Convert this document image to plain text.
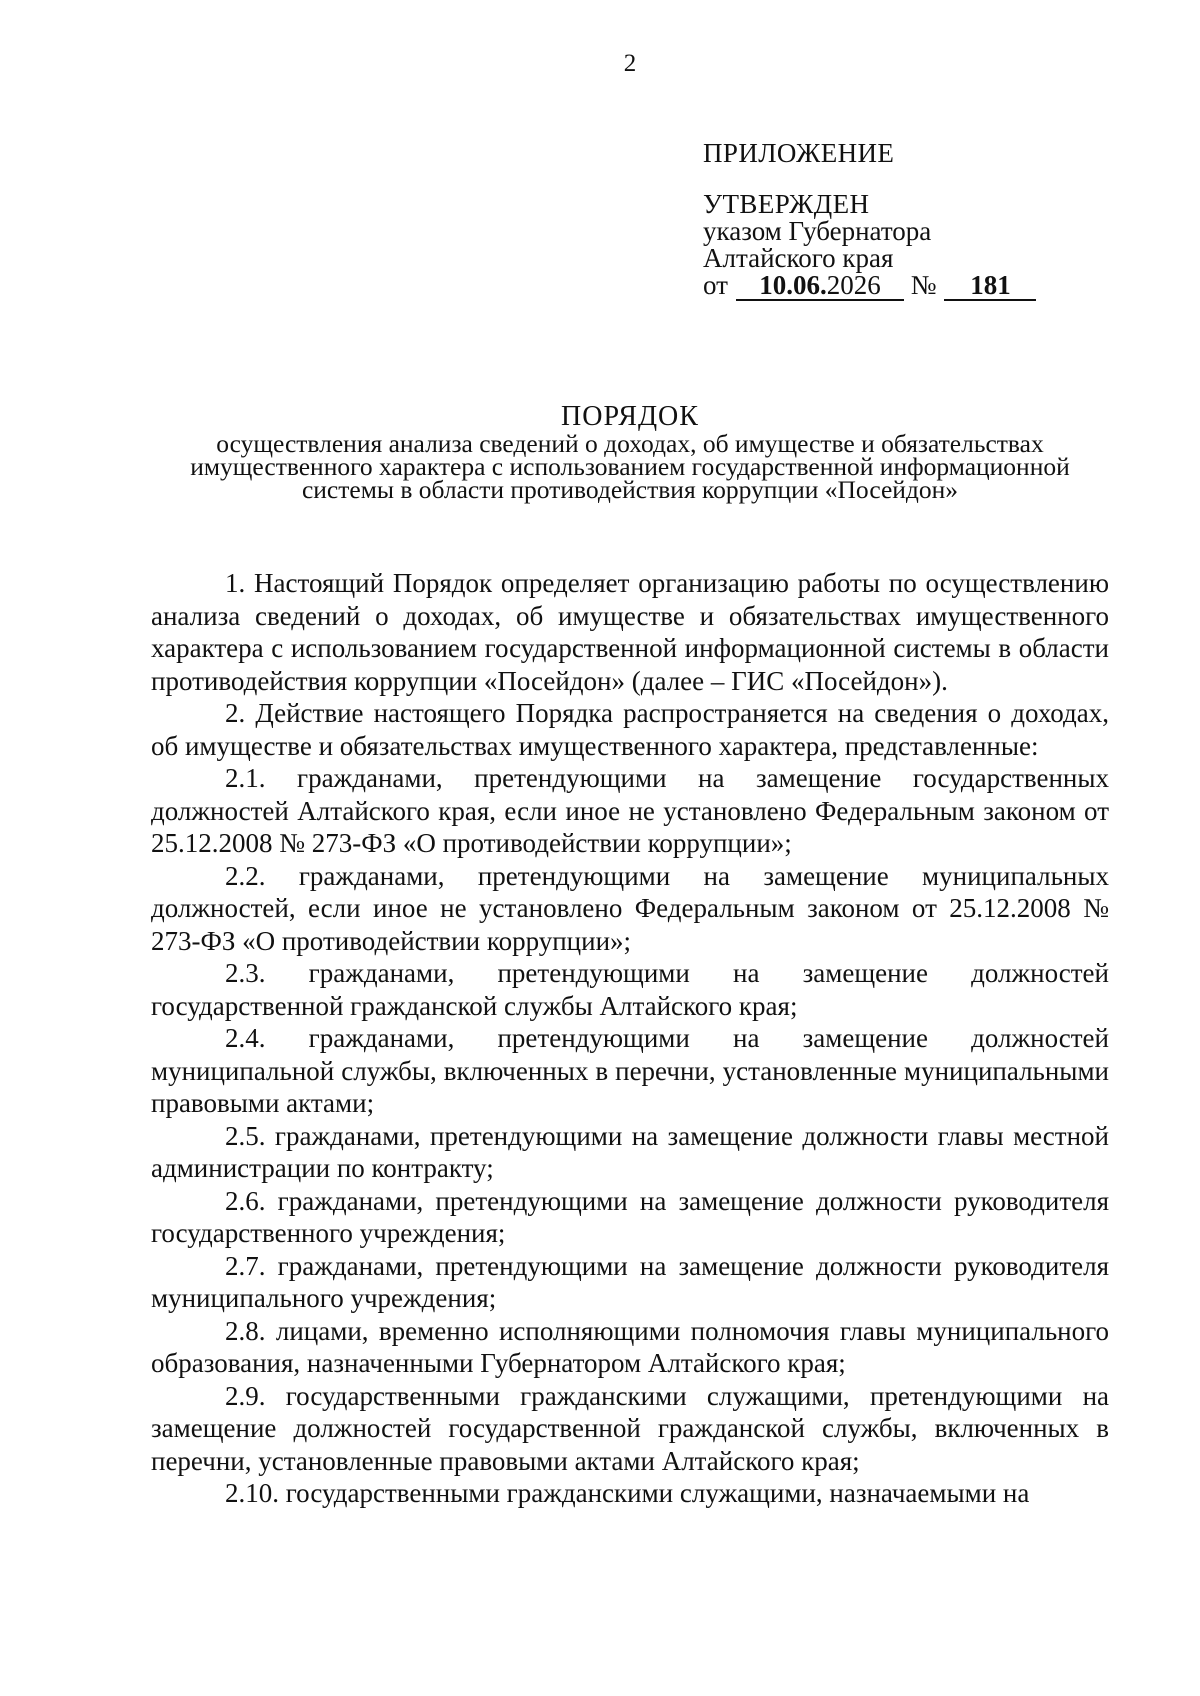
2

ПРИЛОЖЕНИЕ

УТВЕРЖДЕН

указом Губернатора

Алтайского края

от 10.06.2026 № 181

ПОРЯДОК
осуществления анализа сведений о доходах, об имуществе и обязательствах имущественного характера с использованием государственной информационной системы в области противодействия коррупции «Посейдон»

1. Настоящий Порядок определяет организацию работы по осуществлению анализа сведений о доходах, об имуществе и обязательствах имущественного характера с использованием государственной информационной системы в области противодействия коррупции «Посейдон» (далее – ГИС «Посейдон»).

2. Действие настоящего Порядка распространяется на сведения о доходах, об имуществе и обязательствах имущественного характера, представленные:

2.1. гражданами, претендующими на замещение государственных должностей Алтайского края, если иное не установлено Федеральным законом от 25.12.2008 № 273-ФЗ «О противодействии коррупции»;

2.2. гражданами, претендующими на замещение муниципальных должностей, если иное не установлено Федеральным законом от 25.12.2008 № 273-ФЗ «О противодействии коррупции»;

2.3. гражданами, претендующими на замещение должностей государственной гражданской службы Алтайского края;

2.4. гражданами, претендующими на замещение должностей муниципальной службы, включенных в перечни, установленные муниципальными правовыми актами;

2.5. гражданами, претендующими на замещение должности главы местной администрации по контракту;

2.6. гражданами, претендующими на замещение должности руководителя государственного учреждения;

2.7. гражданами, претендующими на замещение должности руководителя муниципального учреждения;

2.8. лицами, временно исполняющими полномочия главы муниципального образования, назначенными Губернатором Алтайского края;

2.9. государственными гражданскими служащими, претендующими на замещение должностей государственной гражданской службы, включенных в перечни, установленные правовыми актами Алтайского края;

2.10. государственными гражданскими служащими, назначаемыми на
